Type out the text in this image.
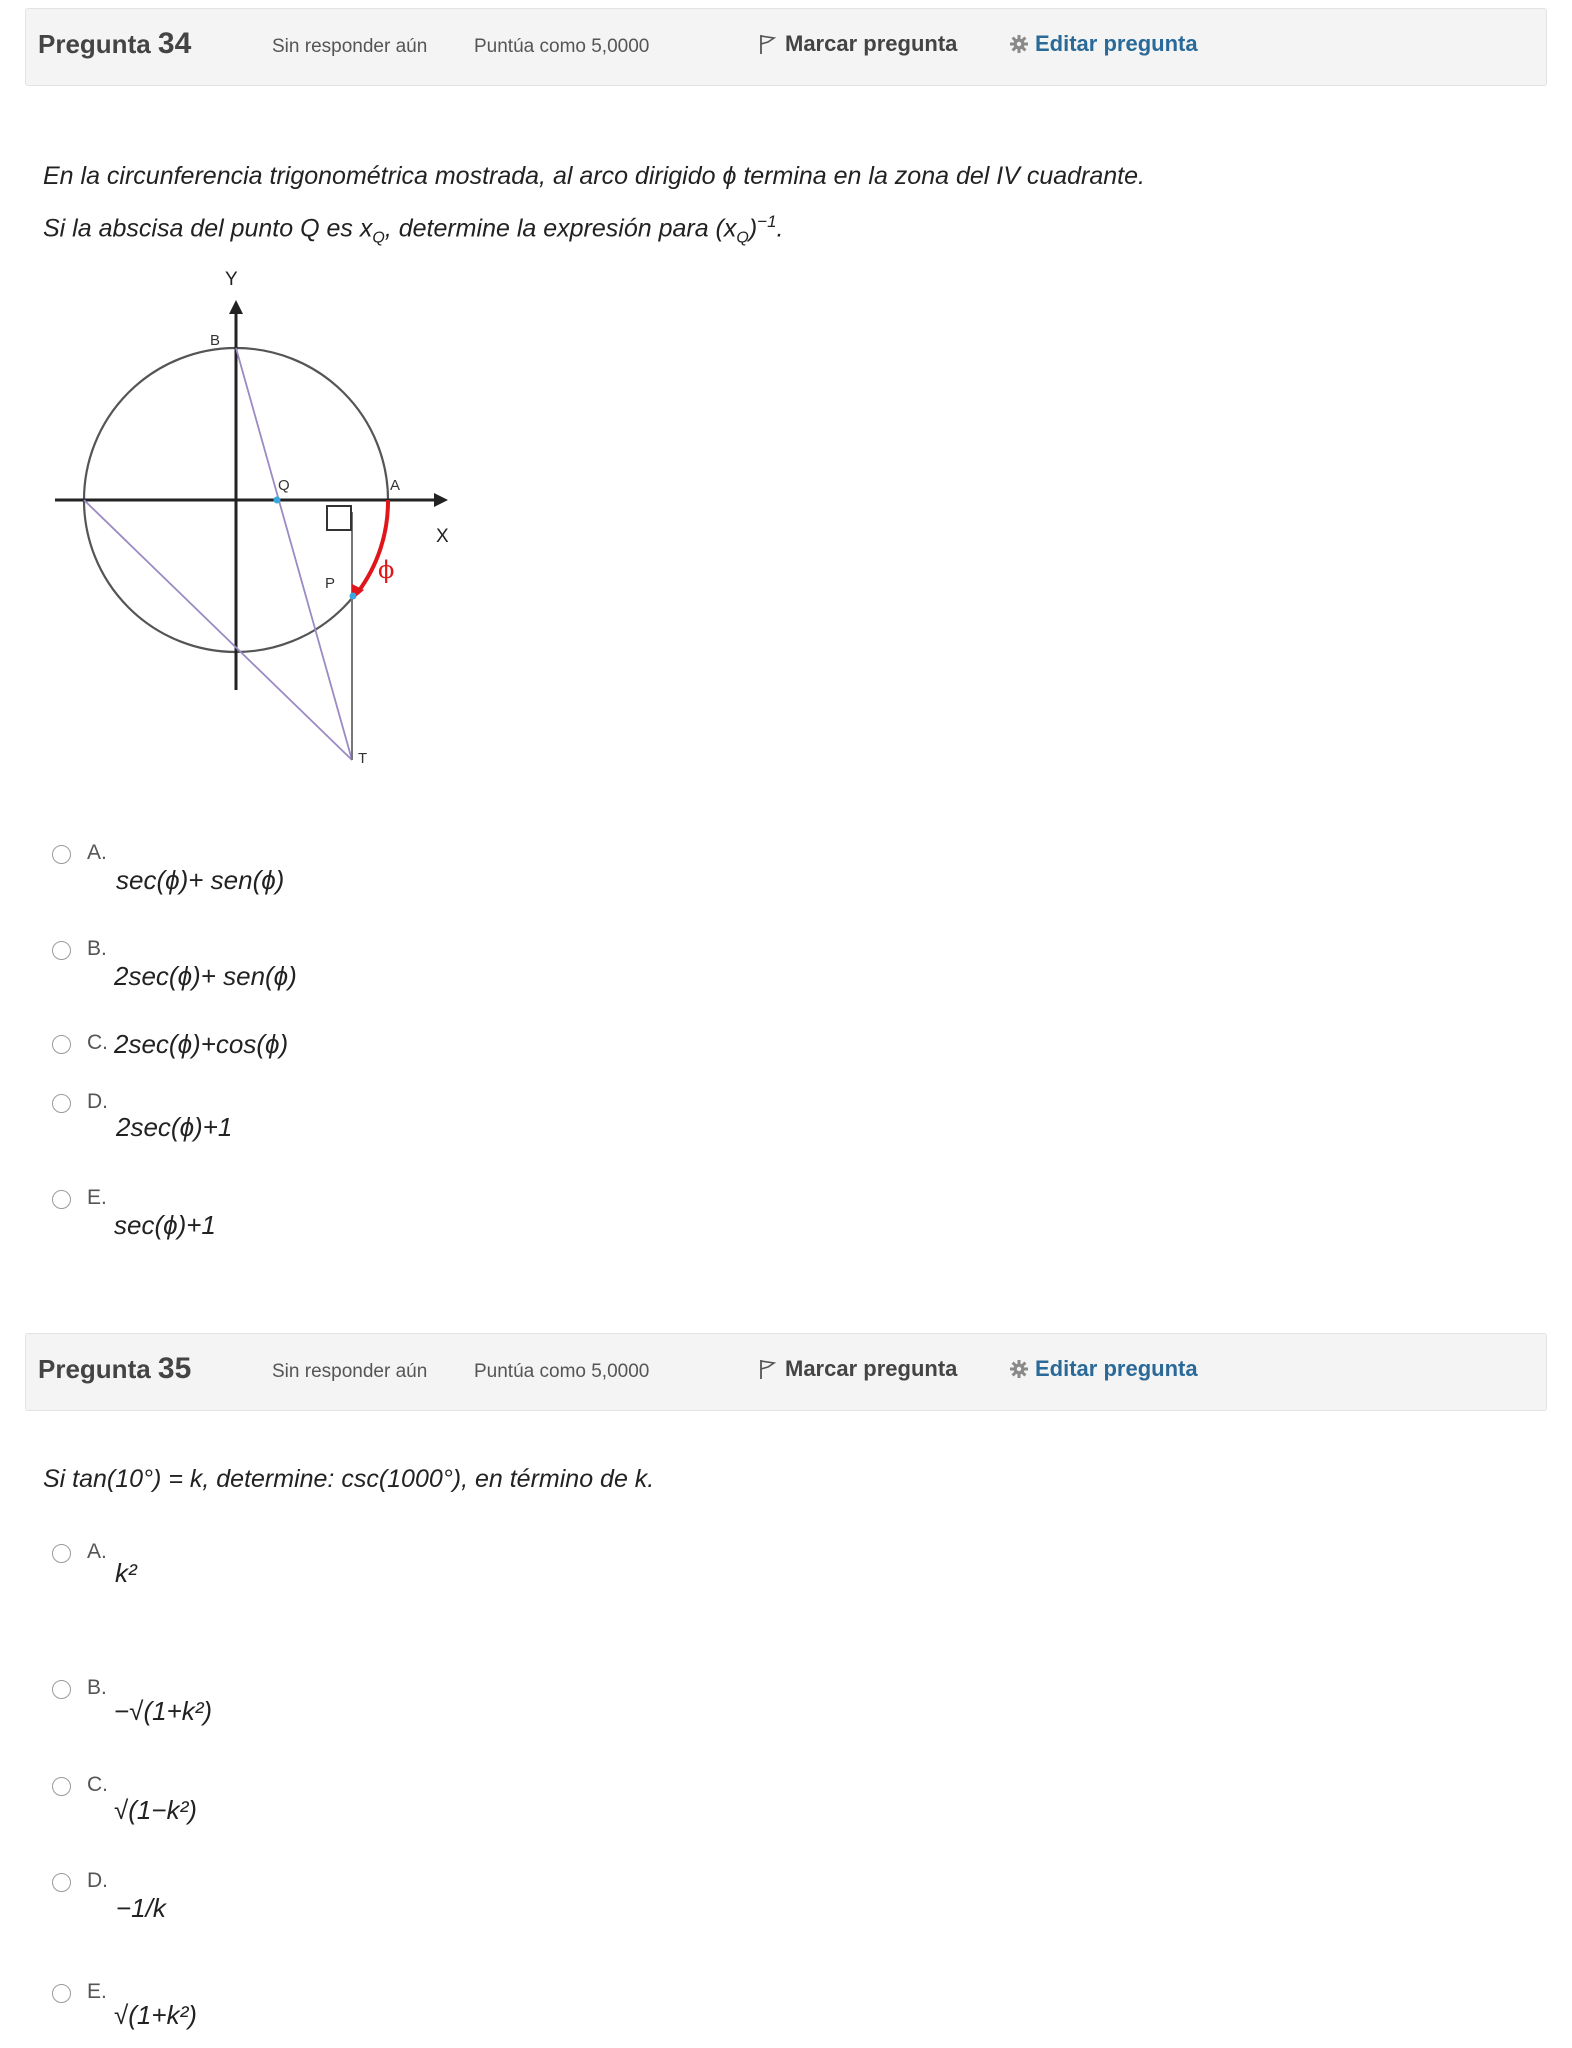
Pregunta 34	Sin responder aún Puntúa como 5,0000	Marcar pregunta	Editar pregunta
En la circunferencia trigonométrica mostrada, al arco dirigido ϕ termina en la zona del IV cuadrante.
Si la abscisa del punto Q es $x_Q$, determine la expresión para $(x_Q)^{-1}$.
Y
X
B
Q	A
P
T
ϕ
A.
sec(ϕ)+ sen(ϕ)
B.
2sec(ϕ)+ sen(ϕ)
C. 2sec(ϕ)+cos(ϕ)
D.
2sec(ϕ)+1
E.
sec(ϕ)+1
Pregunta 35	Sin responder aún Puntúa como 5,0000	Marcar pregunta	Editar pregunta
Si tan(10°) = k, determine: csc(1000°), en término de k.
A.
k²
B.
−√(1+k²)
C.
√(1−k²)
D.
−1/k
E.
√(1+k²)
